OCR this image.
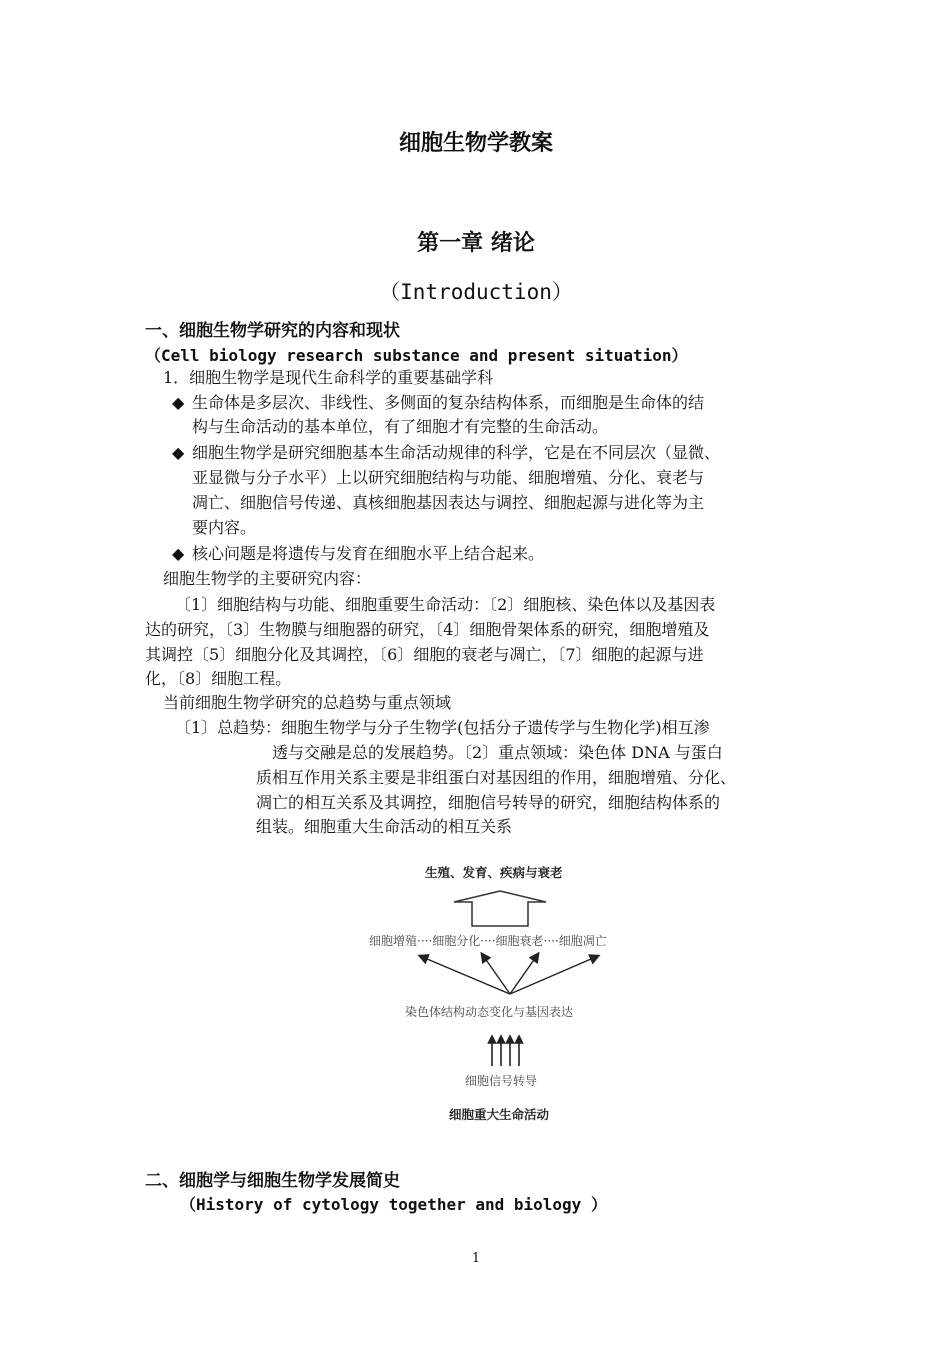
细胞生物学教案
第一章 绪论
（Introduction）
一、细胞生物学研究的内容和现状
（Cell biology research substance and present situation）
1．细胞生物学是现代生命科学的重要基础学科
◆ 生命体是多层次、非线性、多侧面的复杂结构体系，而细胞是生命体的结
构与生命活动的基本单位，有了细胞才有完整的生命活动。
◆ 细胞生物学是研究细胞基本生命活动规律的科学，它是在不同层次（显微、
亚显微与分子水平）上以研究细胞结构与功能、细胞增殖、分化、衰老与
凋亡、细胞信号传递、真核细胞基因表达与调控、细胞起源与进化等为主
要内容。
◆ 核心问题是将遗传与发育在细胞水平上结合起来。
细胞生物学的主要研究内容：
〔1〕细胞结构与功能、细胞重要生命活动：〔2〕细胞核、染色体以及基因表
达的研究，〔3〕生物膜与细胞器的研究，〔4〕细胞骨架体系的研究，细胞增殖及
其调控〔5〕细胞分化及其调控，〔6〕细胞的衰老与凋亡，〔7〕细胞的起源与进
化，〔8〕细胞工程。
当前细胞生物学研究的总趋势与重点领域
〔1〕总趋势：细胞生物学与分子生物学(包括分子遗传学与生物化学)相互渗
透与交融是总的发展趋势。〔2〕重点领域：染色体 DNA 与蛋白
质相互作用关系主要是非组蛋白对基因组的作用，细胞增殖、分化、
凋亡的相互关系及其调控，细胞信号转导的研究，细胞结构体系的
组装。细胞重大生命活动的相互关系
生殖、发育、疾病与衰老
细胞增殖····细胞分化····细胞衰老····细胞凋亡
染色体结构动态变化与基因表达
细胞信号转导
细胞重大生命活动
二、细胞学与细胞生物学发展简史
（History of cytology together and biology ）
1
